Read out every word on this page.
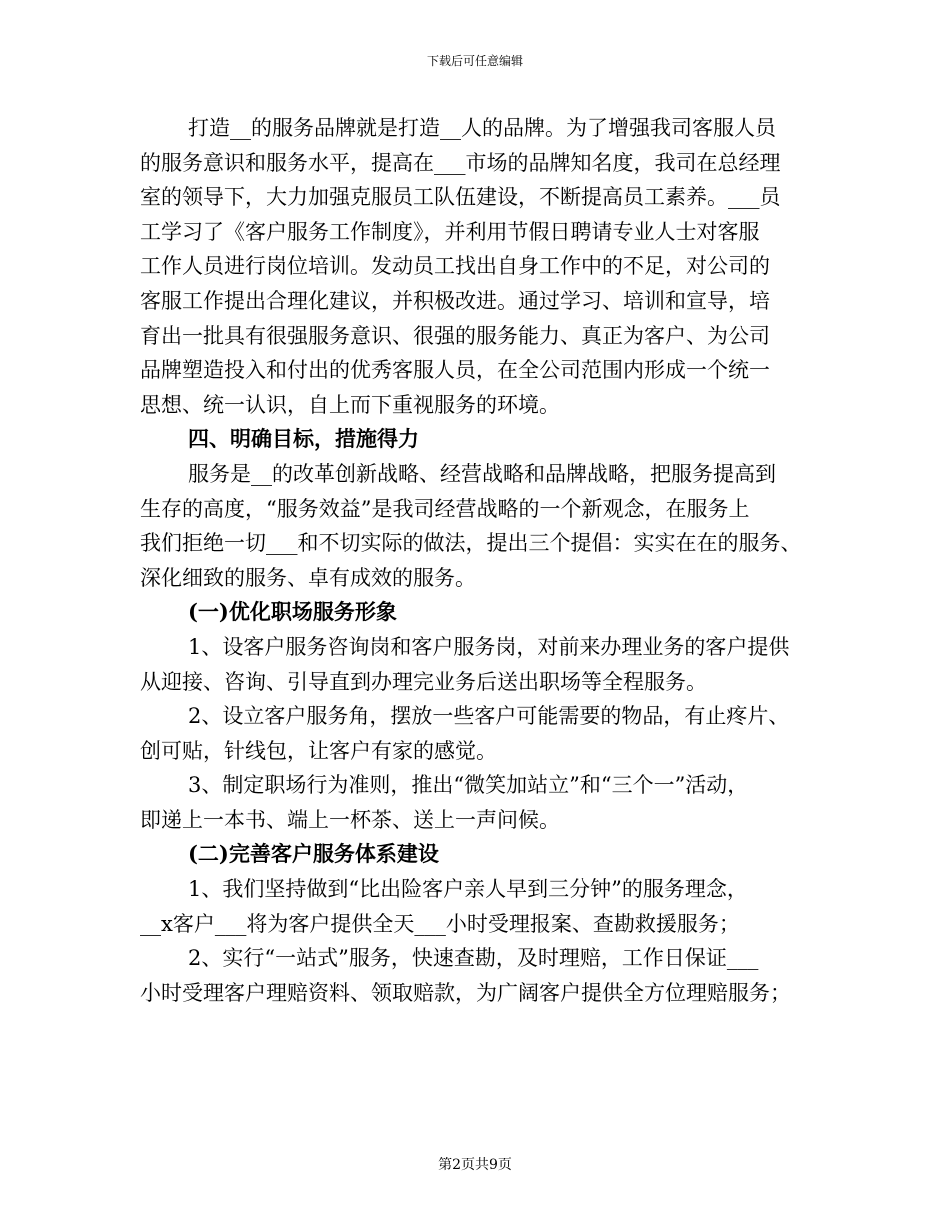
下载后可任意编辑
打造__的服务品牌就是打造__人的品牌。为了增强我司客服人员
的服务意识和服务水平，提高在___市场的品牌知名度，我司在总经理
室的领导下，大力加强克服员工队伍建设，不断提高员工素养。___员
工学习了《客户服务工作制度》，并利用节假日聘请专业人士对客服
工作人员进行岗位培训。发动员工找出自身工作中的不足，对公司的
客服工作提出合理化建议，并积极改进。通过学习、培训和宣导，培
育出一批具有很强服务意识、很强的服务能力、真正为客户、为公司
品牌塑造投入和付出的优秀客服人员，在全公司范围内形成一个统一
思想、统一认识，自上而下重视服务的环境。
四、明确目标，措施得力
服务是__的改革创新战略、经营战略和品牌战略，把服务提高到
生存的高度，“服务效益”是我司经营战略的一个新观念，在服务上
我们拒绝一切___和不切实际的做法，提出三个提倡：实实在在的服务、
深化细致的服务、卓有成效的服务。
(一)优化职场服务形象
1、设客户服务咨询岗和客户服务岗，对前来办理业务的客户提供
从迎接、咨询、引导直到办理完业务后送出职场等全程服务。
2、设立客户服务角，摆放一些客户可能需要的物品，有止疼片、
创可贴，针线包，让客户有家的感觉。
3、制定职场行为准则，推出“微笑加站立”和“三个一”活动，
即递上一本书、端上一杯茶、送上一声问候。
(二)完善客户服务体系建设
1、我们坚持做到“比出险客户亲人早到三分钟”的服务理念，
__x客户___将为客户提供全天___小时受理报案、查勘救援服务；
2、实行“一站式”服务，快速查勘，及时理赔，工作日保证___
小时受理客户理赔资料、领取赔款，为广阔客户提供全方位理赔服务；
第2页共9页
